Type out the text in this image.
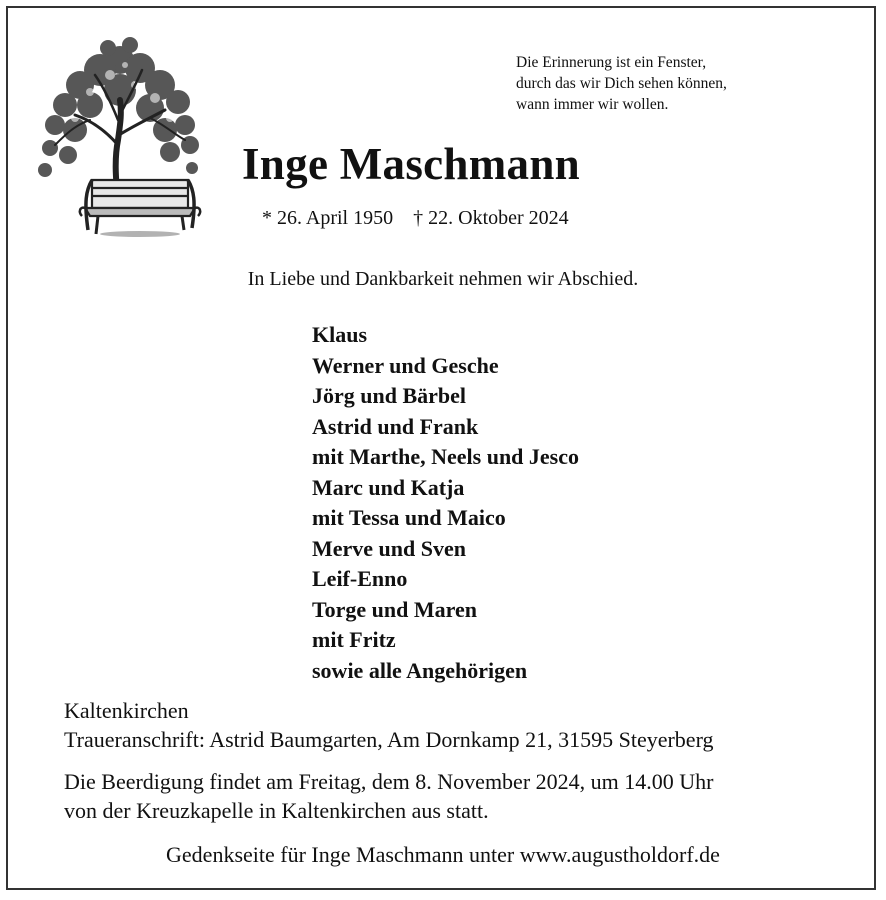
Die Erinnerung ist ein Fenster,
durch das wir Dich sehen können,
wann immer wir wollen.
Inge Maschmann
* 26. April 1950 † 22. Oktober 2024
In Liebe und Dankbarkeit nehmen wir Abschied.
Klaus
Werner und Gesche
Jörg und Bärbel
Astrid und Frank
mit Marthe, Neels und Jesco
Marc und Katja
mit Tessa und Maico
Merve und Sven
Leif-Enno
Torge und Maren
mit Fritz
sowie alle Angehörigen
Kaltenkirchen
Traueranschrift: Astrid Baumgarten, Am Dornkamp 21, 31595 Steyerberg
Die Beerdigung findet am Freitag, dem 8. November 2024, um 14.00 Uhr
von der Kreuzkapelle in Kaltenkirchen aus statt.
Gedenkseite für Inge Maschmann unter www.augustholdorf.de
